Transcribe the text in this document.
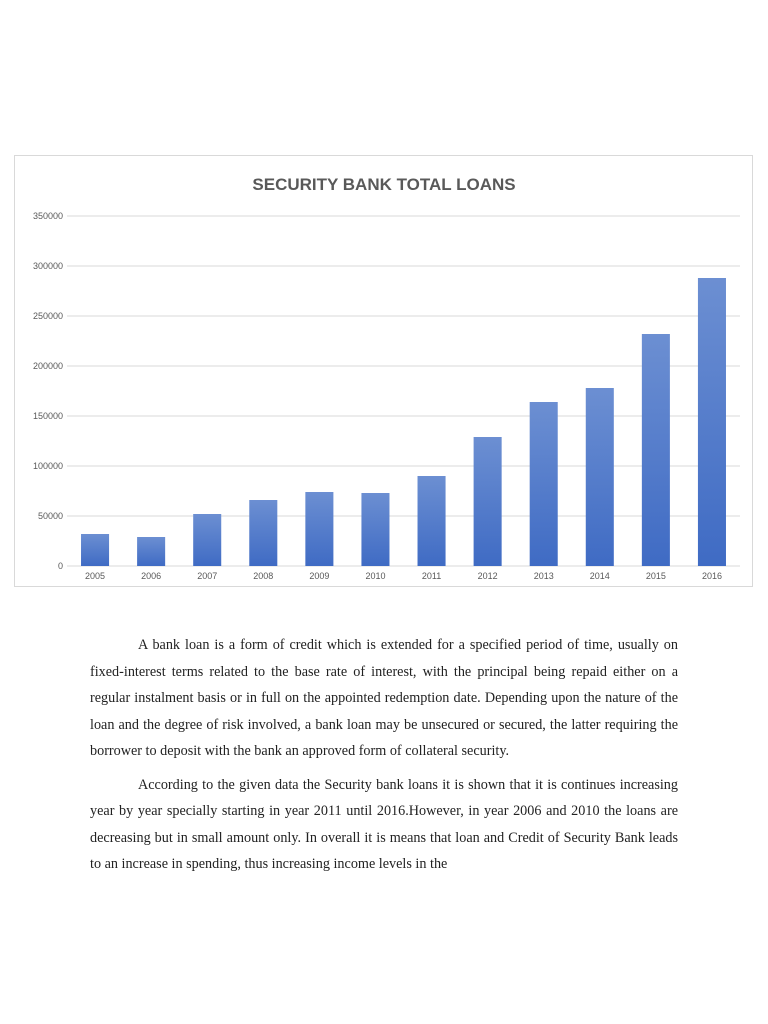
SECURITY BANK TOTAL LOANS
0
50000
100000
150000
200000
250000
300000
350000
2005	2006	2007	2008	2009	2010	2011	2012	2013	2014	2015	2016

A bank loan is a form of credit which is extended for a specified period of time, usually on fixed-interest terms related to the base rate of interest, with the principal being repaid either on a regular instalment basis or in full on the appointed redemption date. Depending upon the nature of the loan and the degree of risk involved, a bank loan may be unsecured or secured, the latter requiring the borrower to deposit with the bank an approved form of collateral security.

According to the given data the Security bank loans it is shown that it is continues increasing year by year specially starting in year 2011 until 2016.However, in year 2006 and 2010 the loans are decreasing but in small amount only. In overall it is means that loan and Credit of Security Bank leads to an increase in spending, thus increasing income levels in the
